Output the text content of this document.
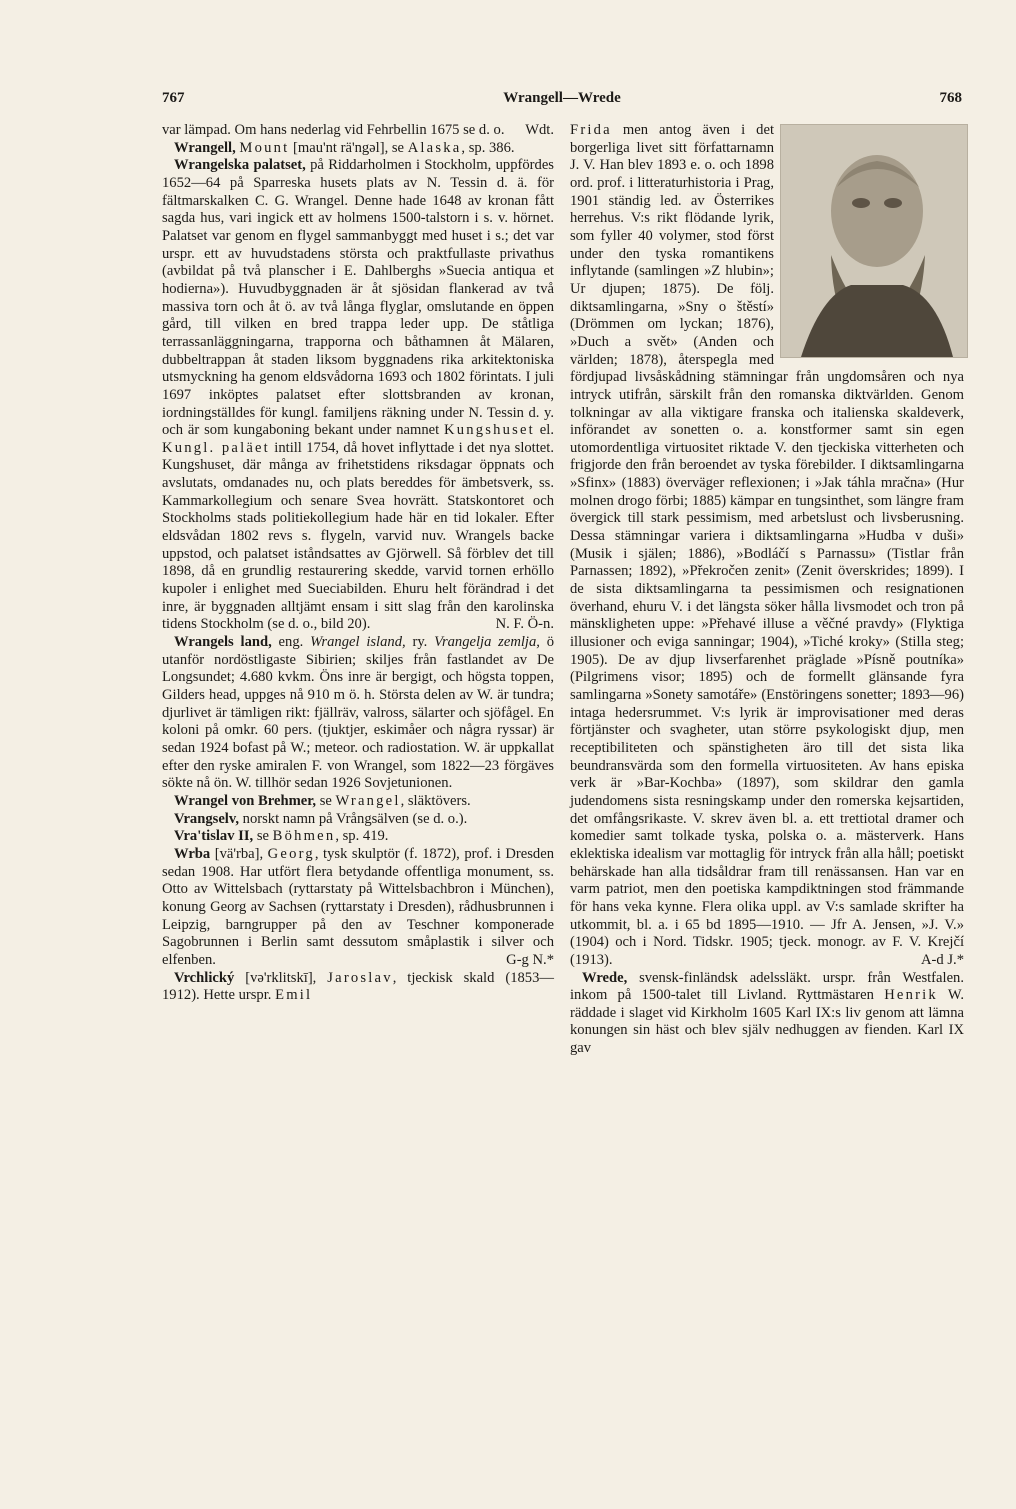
767	Wrangell—Wrede	768

var lämpad. Om hans nederlag vid Fehrbellin 1675 se d. o. Wdt.

Wrangell, Mount [mau'nt rä'ngəl], se Alaska, sp. 386.

Wrangelska palatset, på Riddarholmen i Stockholm, uppfördes 1652—64 på Sparreska husets plats av N. Tessin d. ä. för fältmarskalken C. G. Wrangel. Denne hade 1648 av kronan fått sagda hus, vari ingick ett av holmens 1500-talstorn i s. v. hörnet. Palatset var genom en flygel sammanbyggt med huset i s.; det var urspr. ett av huvudstadens största och praktfullaste privathus (avbildat på två planscher i E. Dahlberghs »Suecia antiqua et hodierna»). Huvudbyggnaden är åt sjösidan flankerad av två massiva torn och åt ö. av två långa flyglar, omslutande en öppen gård, till vilken en bred trappa leder upp. De ståtliga terrassanläggningarna, trapporna och båthamnen åt Mälaren, dubbeltrappan åt staden liksom byggnadens rika arkitektoniska utsmyckning ha genom eldsvådorna 1693 och 1802 förintats. I juli 1697 inköptes palatset efter slottsbranden av kronan, iordningställdes för kungl. familjens räkning under N. Tessin d. y. och är som kungaboning bekant under namnet Kungshuset el. Kungl. paläet intill 1754, då hovet inflyttade i det nya slottet. Kungshuset, där många av frihetstidens riksdagar öppnats och avslutats, omdanades nu, och plats bereddes för ämbetsverk, ss. Kammarkollegium och senare Svea hovrätt. Statskontoret och Stockholms stads politiekollegium hade här en tid lokaler. Efter eldsvådan 1802 revs s. flygeln, varvid nuv. Wrangels backe uppstod, och palatset iståndsattes av Gjörwell. Så förblev det till 1898, då en grundlig restaurering skedde, varvid tornen erhöllo kupoler i enlighet med Sueciabilden. Ehuru helt förändrad i det inre, är byggnaden alltjämt ensam i sitt slag från den karolinska tidens Stockholm (se d. o., bild 20).	N. F. Ö-n.

Wrangels land, eng. Wrangel island, ry. Vrangelja zemlja, ö utanför nordöstligaste Sibirien; skiljes från fastlandet av De Longsundet; 4.680 kvkm. Öns inre är bergigt, och högsta toppen, Gilders head, uppges nå 910 m ö. h. Största delen av W. är tundra; djurlivet är tämligen rikt: fjällräv, valross, sälarter och sjöfågel. En koloni på omkr. 60 pers. (tjuktjer, eskimåer och några ryssar) är sedan 1924 bofast på W.; meteor. och radiostation. W. är uppkallat efter den ryske amiralen F. von Wrangel, som 1822—23 förgäves sökte nå ön. W. tillhör sedan 1926 Sovjetunionen.

Wrangel von Brehmer, se Wrangel, släktövers.

Vrangselv, norskt namn på Vrångsälven (se d. o.).

Vra'tislav II, se Böhmen, sp. 419.

Wrba [vä'rba], Georg, tysk skulptör (f. 1872), prof. i Dresden sedan 1908. Har utfört flera betydande offentliga monument, ss. Otto av Wittelsbach (ryttarstaty på Wittelsbachbron i München), konung Georg av Sachsen (ryttarstaty i Dresden), rådhusbrunnen i Leipzig, barngrupper på den av Teschner komponerade Sagobrunnen i Berlin samt dessutom småplastik i silver och elfenben.	G-g N.*

Vrchlický [və'rklitskī], Jaroslav, tjeckisk skald (1853—1912). Hette urspr. Emil

Frida men antog även i det borgerliga livet sitt författarnamn J. V. Han blev 1893 e. o. och 1898 ord. prof. i litteraturhistoria i Prag, 1901 ständig led. av Österrikes herrehus. V:s rikt flödande lyrik, som fyller 40 volymer, stod först under den tyska romantikens inflytande (samlingen »Z hlubin»; Ur djupen; 1875). De följ. diktsamlingarna, »Sny o štěstí» (Drömmen om lyckan; 1876), »Duch a svět» (Anden och världen; 1878), återspegla med fördjupad livsåskådning stämningar från ungdomsåren och nya intryck utifrån, särskilt från den romanska diktvärlden. Genom tolkningar av alla viktigare franska och italienska skaldeverk, införandet av sonetten o. a. konstformer samt sin egen utomordentliga virtuositet riktade V. den tjeckiska vitterheten och frigjorde den från beroendet av tyska förebilder. I diktsamlingarna »Sfinx» (1883) överväger reflexionen; i »Jak táhla mračna» (Hur molnen drogo förbi; 1885) kämpar en tungsinthet, som längre fram övergick till stark pessimism, med arbetslust och livsberusning. Dessa stämningar variera i diktsamlingarna »Hudba v duši» (Musik i själen; 1886), »Bodláčí s Parnassu» (Tistlar från Parnassen; 1892), »Překročen zenit» (Zenit överskrides; 1899). I de sista diktsamlingarna ta pessimismen och resignationen överhand, ehuru V. i det längsta söker hålla livsmodet och tron på mänskligheten uppe: »Přehavé illuse a věčné pravdy» (Flyktiga illusioner och eviga sanningar; 1904), »Tiché kroky» (Stilla steg; 1905). De av djup livserfarenhet präglade »Písně poutníka» (Pilgrimens visor; 1895) och de formellt glänsande fyra samlingarna »Sonety samotáře» (Enstöringens sonetter; 1893—96) intaga hedersrummet. V:s lyrik är improvisationer med deras förtjänster och svagheter, utan större psykologiskt djup, men receptibiliteten och spänstigheten äro till det sista lika beundransvärda som den formella virtuositeten. Av hans episka verk är »Bar-Kochba» (1897), som skildrar den gamla judendomens sista resningskamp under den romerska kejsartiden, det omfångsrikaste. V. skrev även bl. a. ett trettiotal dramer och komedier samt tolkade tyska, polska o. a. mästerverk. Hans eklektiska idealism var mottaglig för intryck från alla håll; poetiskt behärskade han alla tidsåldrar fram till renässansen. Han var en varm patriot, men den poetiska kampdiktningen stod främmande för hans veka kynne. Flera olika uppl. av V:s samlade skrifter ha utkommit, bl. a. i 65 bd 1895—1910. — Jfr A. Jensen, »J. V.» (1904) och i Nord. Tidskr. 1905; tjeck. monogr. av F. V. Krejčí (1913).	A-d J.*

Wrede, svensk-finländsk adelssläkt. urspr. från Westfalen. inkom på 1500-talet till Livland. Ryttmästaren Henrik W. räddade i slaget vid Kirkholm 1605 Karl IX:s liv genom att lämna konungen sin häst och blev själv nedhuggen av fienden. Karl IX gav
